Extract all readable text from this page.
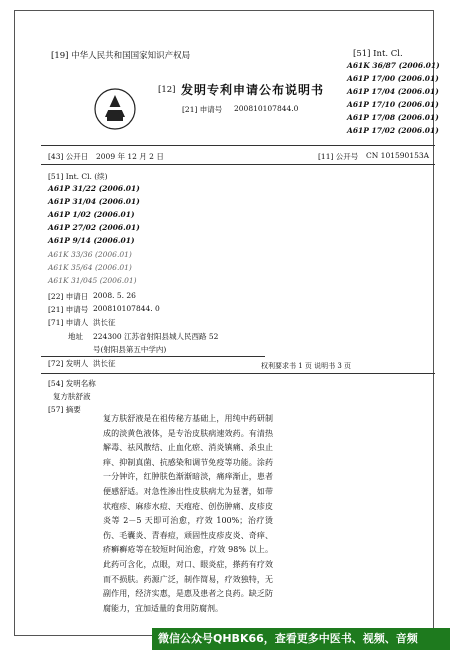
[19] 中华人民共和国国家知识产权局	[51] Int. Cl.
A61K 36/87 (2006.01)
A61P 17/00 (2006.01)
A61P 17/04 (2006.01)
A61P 17/10 (2006.01)
A61P 17/08 (2006.01)
A61P 17/02 (2006.01)
[12] 发明专利申请公布说明书
[21] 申请号 200810107844.0
[43] 公开日 2009 年 12 月 2 日	[11] 公开号 CN 101590153A
[51] Int. Cl. (续)
A61P 31/22 (2006.01)
A61P 31/04 (2006.01)
A61P 1/02 (2006.01)
A61P 27/02 (2006.01)
A61P 9/14 (2006.01)
A61K 33/36 (2006.01)
A61K 35/64 (2006.01)
A61K 31/045 (2006.01)
[22] 申请日 2008. 5. 26
[21] 申请号 200810107844. 0
[71] 申请人 洪长征
地址 224300 江苏省射阳县城人民西路 52
号(射阳县第五中学内)
[72] 发明人 洪长征	权利要求书 1 页 说明书 3 页
[54] 发明名称
复方肤舒液
[57] 摘要
复方肤舒液是在祖传秘方基础上，用纯中药研制成的淡黄色液体，是专治皮肤病速效药。有清热解毒、祛风散结、止血化瘀、消炎镇痛、杀虫止痒、抑制真菌、抗感染和调节免疫等功能。涂药一分钟许，红肿肤色渐渐暗淡，痛痒渐止，患者便感舒适。对急性渗出性皮肤病尤为显著，如带状疱疹、麻疹水痘、天疱疮、创伤肿痛、皮疹皮炎等 2－5 天即可治愈，疗效 100%；治疗烫伤、毛囊炎、青春痘，顽固性皮疹皮炎、奇痒、疥癣癣疮等在较短时间治愈，疗效 98% 以上。此药可含化，点眼，对口、眼炎症，搽药有疗效而不损肤。药源广泛，制作简易，疗效独特，无副作用，经济实惠，是惠及患者之良药。缺乏防腐能力，宜加适量的食用防腐剂。
微信公众号QHBK66，查看更多中医书、视频、音频
